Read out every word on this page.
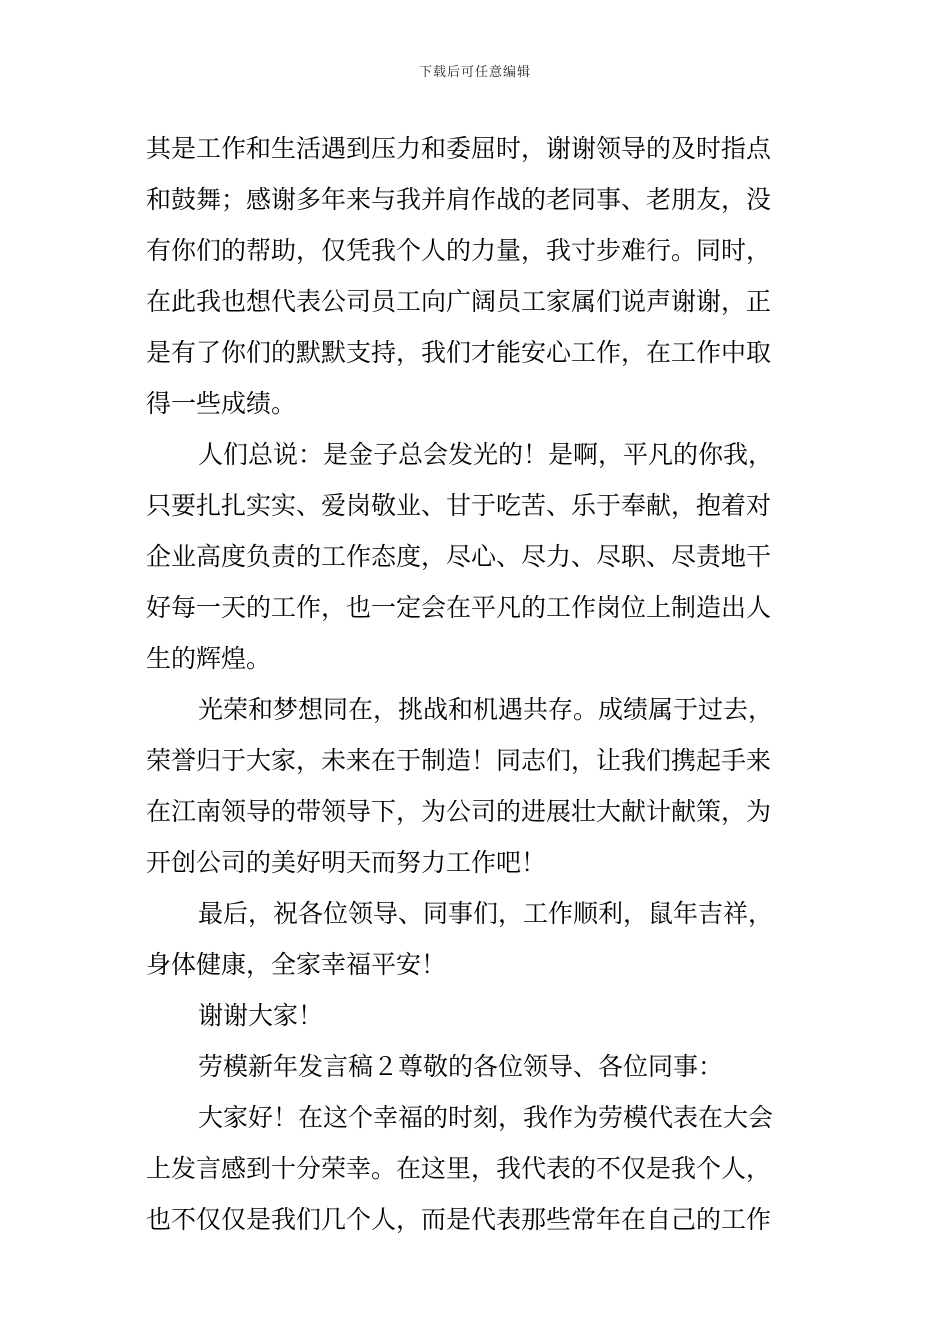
下载后可任意编辑
其是工作和生活遇到压力和委屈时，谢谢领导的及时指点
和鼓舞；感谢多年来与我并肩作战的老同事、老朋友，没
有你们的帮助，仅凭我个人的力量，我寸步难行。同时，
在此我也想代表公司员工向广阔员工家属们说声谢谢，正
是有了你们的默默支持，我们才能安心工作，在工作中取
得一些成绩。
人们总说：是金子总会发光的！是啊，平凡的你我，
只要扎扎实实、爱岗敬业、甘于吃苦、乐于奉献，抱着对
企业高度负责的工作态度，尽心、尽力、尽职、尽责地干
好每一天的工作，也一定会在平凡的工作岗位上制造出人
生的辉煌。
光荣和梦想同在，挑战和机遇共存。成绩属于过去，
荣誉归于大家，未来在于制造！同志们，让我们携起手来
在江南领导的带领导下，为公司的进展壮大献计献策，为
开创公司的美好明天而努力工作吧！
最后，祝各位领导、同事们，工作顺利，鼠年吉祥，
身体健康，全家幸福平安！
谢谢大家！
劳模新年发言稿２尊敬的各位领导、各位同事：
大家好！在这个幸福的时刻，我作为劳模代表在大会
上发言感到十分荣幸。在这里，我代表的不仅是我个人，
也不仅仅是我们几个人，而是代表那些常年在自己的工作
